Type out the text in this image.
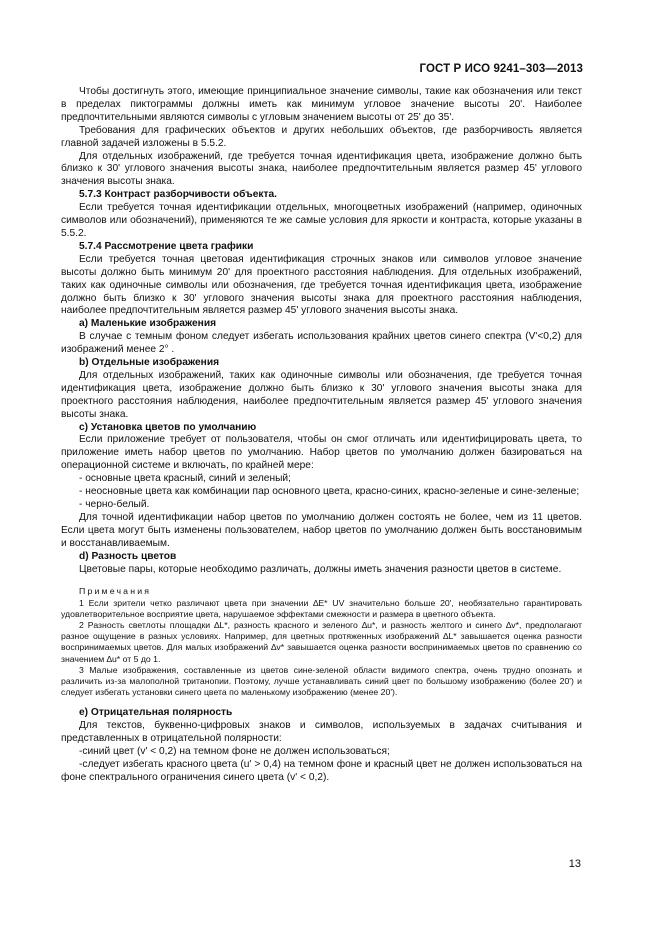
ГОСТ Р ИСО 9241–303—2013

Чтобы достигнуть этого, имеющие принципиальное значение символы, такие как обозначения или текст в пределах пиктограммы должны иметь как минимум угловое значение высоты 20'. Наиболее предпочтительными являются символы с угловым значением высоты от 25' до 35'.

Требования для графических объектов и других небольших объектов, где разборчивость является главной задачей изложены в 5.5.2.

Для отдельных изображений, где требуется точная идентификация цвета, изображение должно быть близко к 30' углового значения высоты знака, наиболее предпочтительным является размер 45' углового значения высоты знака.

5.7.3 Контраст разборчивости объекта.

Если требуется точная идентификации отдельных, многоцветных изображений (например, одиночных символов или обозначений), применяются те же самые условия для яркости и контраста, которые указаны в 5.5.2.

5.7.4 Рассмотрение цвета графики

Если требуется точная цветовая идентификация строчных знаков или символов угловое значение высоты должно быть минимум 20' для проектного расстояния наблюдения. Для отдельных изображений, таких как одиночные символы или обозначения, где требуется точная идентификация цвета, изображение должно быть близко к 30' углового значения высоты знака для проектного расстояния наблюдения, наиболее предпочтительным является размер 45' углового значения высоты знака.

a) Маленькие изображения

В случае с темным фоном следует избегать использования крайних цветов синего спектра (V'<0,2) для изображений менее 2° .

b) Отдельные изображения

Для отдельных изображений, таких как одиночные символы или обозначения, где требуется точная идентификация цвета, изображение должно быть близко к 30' углового значения высоты знака для проектного расстояния наблюдения, наиболее предпочтительным является размер 45' углового значения высоты знака.

c) Установка цветов по умолчанию

Если приложение требует от пользователя, чтобы он смог отличать или идентифицировать цвета, то приложение иметь набор цветов по умолчанию. Набор цветов по умолчанию должен базироваться на операционной системе и включать, по крайней мере:

- основные цвета красный, синий и зеленый;

- неосновные цвета как комбинации пар основного цвета, красно-синих, красно-зеленые и сине-зеленые;

- черно-белый.

Для точной идентификации набор цветов по умолчанию должен состоять не более, чем из 11 цветов. Если цвета могут быть изменены пользователем, набор цветов по умолчанию должен быть восстановимым и восстанавливаемым.

d) Разность цветов

Цветовые пары, которые необходимо различать, должны иметь значения разности цветов в системе.

Примечания

1 Если зрители четко различают цвета при значении ∆E* UV значительно больше 20', необязательно гарантировать удовлетворительное восприятие цвета, нарушаемое эффектами смежности и размера в цветного объекта.

2 Разность светлоты площадки ∆L*, разность красного и зеленого ∆u*, и разность желтого и синего ∆v*, предполагают разное ощущение в разных условиях. Например, для цветных протяженных изображений ∆L* завышается оценка разности воспринимаемых цветов. Для малых изображений ∆v* завышается оценка разности воспринимаемых цветов по сравнению со значением ∆u* от 5 до 1.

3 Малые изображения, составленные из цветов сине-зеленой области видимого спектра, очень трудно опознать и различить из-за малополной тританопии. Поэтому, лучше устанавливать синий цвет по большому изображению (более 20') и следует избегать установки синего цвета по маленькому изображению (менее 20').

e) Отрицательная полярность

Для текстов, буквенно-цифровых знаков и символов, используемых в задачах считывания и представленных в отрицательной полярности:

-синий цвет (v' < 0,2) на темном фоне не должен использоваться;

-следует избегать красного цвета (u' > 0,4) на темном фоне и красный цвет не должен использоваться на фоне спектрального ограничения синего цвета (v' < 0,2).

13
